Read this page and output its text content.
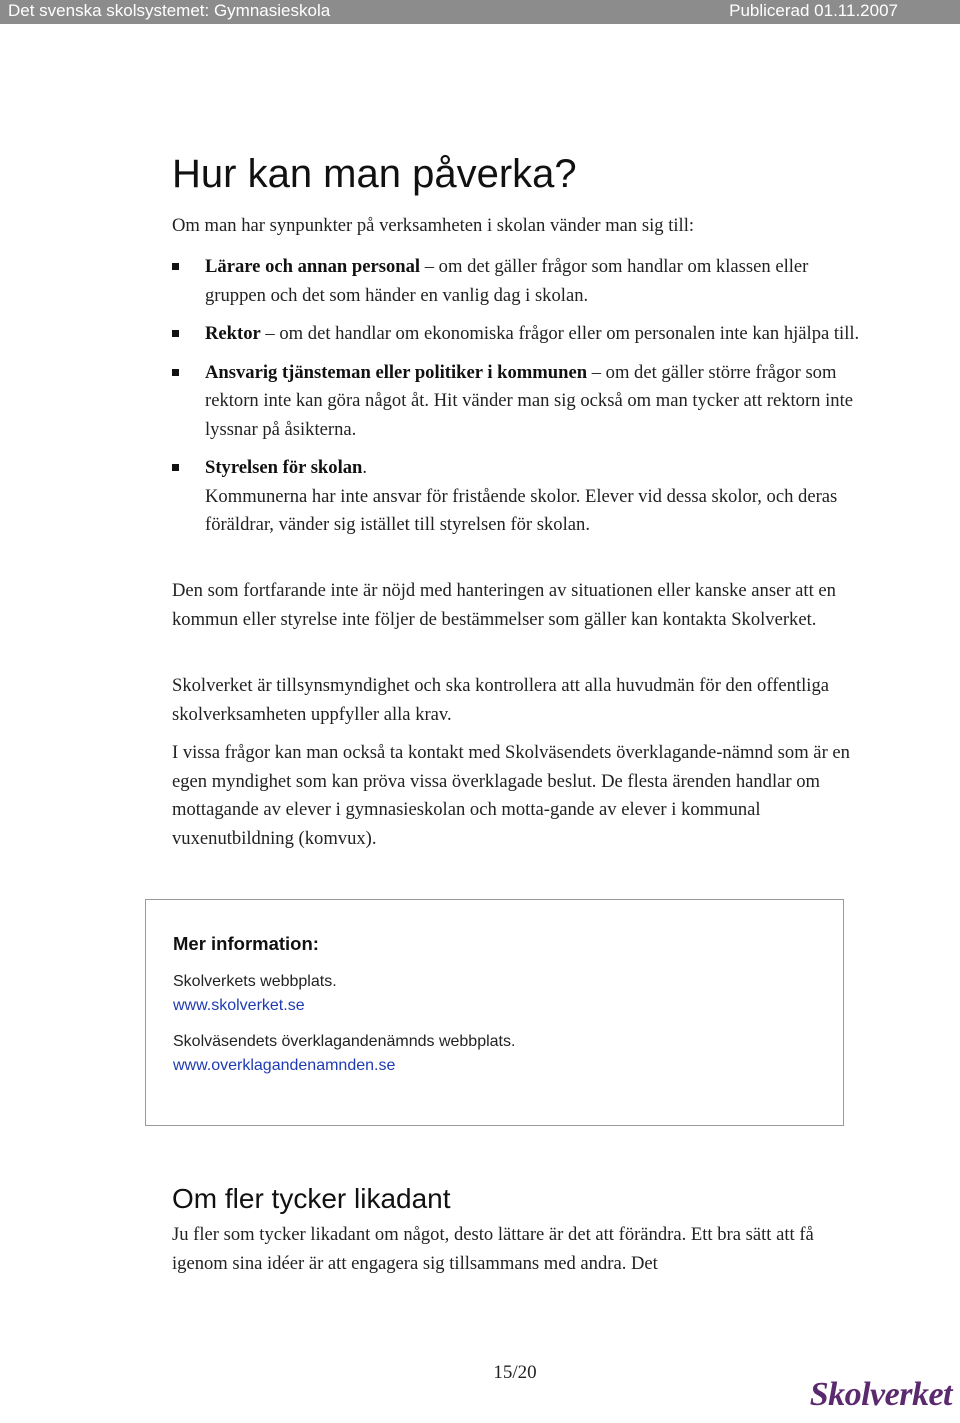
Det svenska skolsystemet: Gymnasieskola	Publicerad 01.11.2007
Hur kan man påverka?

Om man har synpunkter på verksamheten i skolan vänder man sig till:

Lärare och annan personal – om det gäller frågor som handlar om klassen eller gruppen och det som händer en vanlig dag i skolan.
Rektor – om det handlar om ekonomiska frågor eller om personalen inte kan hjälpa till.
Ansvarig tjänsteman eller politiker i kommunen – om det gäller större frågor som rektorn inte kan göra något åt. Hit vänder man sig också om man tycker att rektorn inte lyssnar på åsikterna.
Styrelsen för skolan.
Kommunerna har inte ansvar för fristående skolor. Elever vid dessa skolor, och deras föräldrar, vänder sig istället till styrelsen för skolan.

Den som fortfarande inte är nöjd med hanteringen av situationen eller kanske anser att en kommun eller styrelse inte följer de bestämmelser som gäller kan kontakta Skolverket.

Skolverket är tillsynsmyndighet och ska kontrollera att alla huvudmän för den offentliga skolverksamheten uppfyller alla krav.

I vissa frågor kan man också ta kontakt med Skolväsendets överklagande-nämnd som är en egen myndighet som kan pröva vissa överklagade beslut. De flesta ärenden handlar om mottagande av elever i gymnasieskolan och motta-gande av elever i kommunal vuxenutbildning (komvux).

Mer information:
Skolverkets webbplats.
www.skolverket.se
Skolväsendets överklagandenämnds webbplats.
www.overklagandenamnden.se
Om fler tycker likadant

Ju fler som tycker likadant om något, desto lättare är det att förändra. Ett bra sätt att få igenom sina idéer är att engagera sig tillsammans med andra. Det

15/20
Skolverket
